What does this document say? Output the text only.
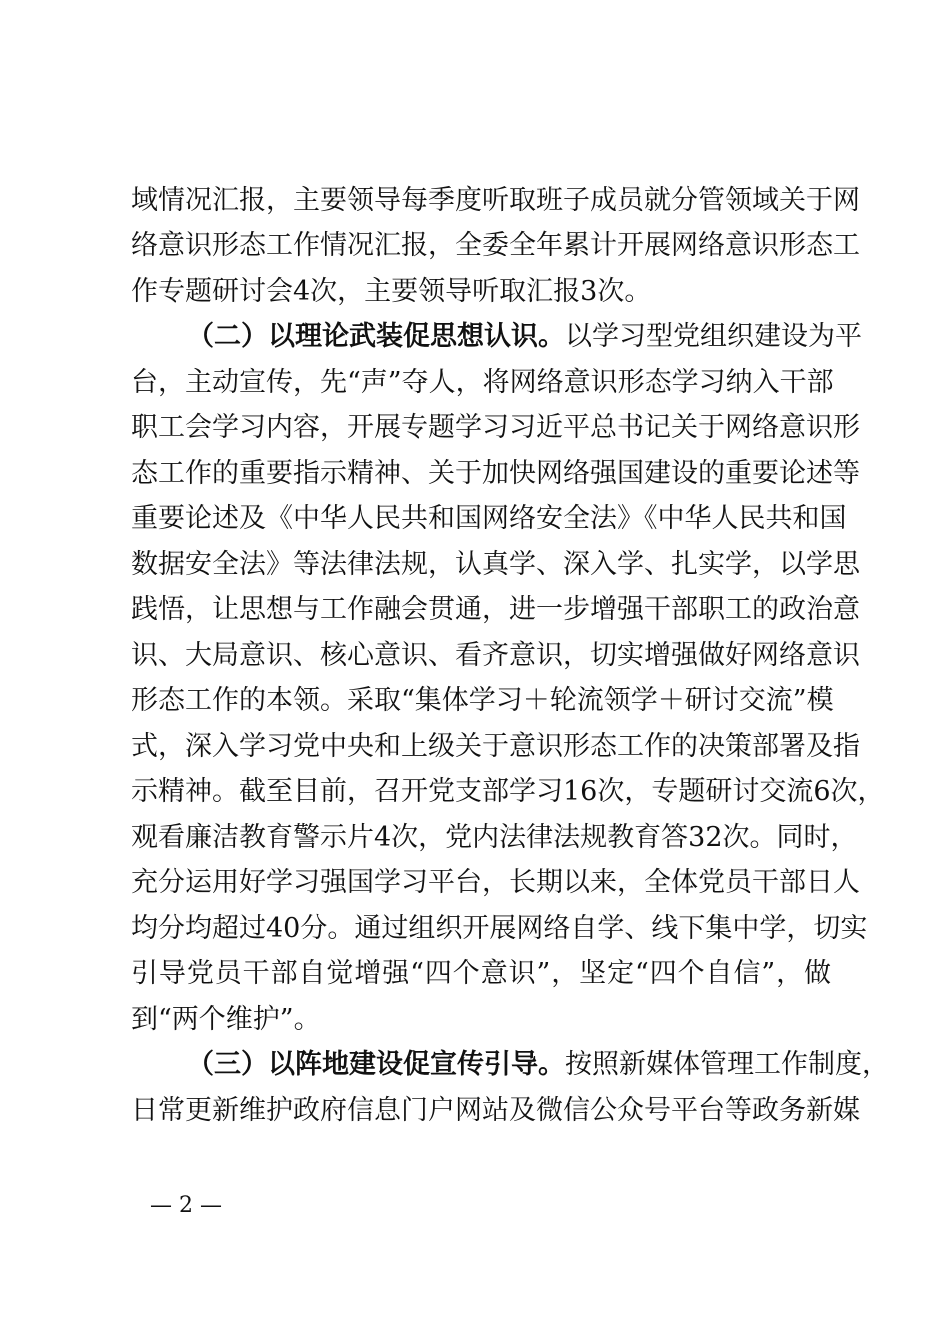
域情况汇报，主要领导每季度听取班子成员就分管领域关于网
络意识形态工作情况汇报，全委全年累计开展网络意识形态工
作专题研讨会4次，主要领导听取汇报3次。
（二）以理论武装促思想认识。以学习型党组织建设为平
台，主动宣传，先“声”夺人，将网络意识形态学习纳入干部
职工会学习内容，开展专题学习习近平总书记关于网络意识形
态工作的重要指示精神、关于加快网络强国建设的重要论述等
重要论述及《中华人民共和国网络安全法》《中华人民共和国
数据安全法》等法律法规，认真学、深入学、扎实学，以学思
践悟，让思想与工作融会贯通，进一步增强干部职工的政治意
识、大局意识、核心意识、看齐意识，切实增强做好网络意识
形态工作的本领。采取“集体学习＋轮流领学＋研讨交流”模
式，深入学习党中央和上级关于意识形态工作的决策部署及指
示精神。截至目前，召开党支部学习16次，专题研讨交流6次，
观看廉洁教育警示片4次，党内法律法规教育答32次。同时，
充分运用好学习强国学习平台，长期以来，全体党员干部日人
均分均超过40分。通过组织开展网络自学、线下集中学，切实
引导党员干部自觉增强“四个意识”，坚定“四个自信”，做
到“两个维护”。
（三）以阵地建设促宣传引导。按照新媒体管理工作制度，
日常更新维护政府信息门户网站及微信公众号平台等政务新媒
— 2 —
